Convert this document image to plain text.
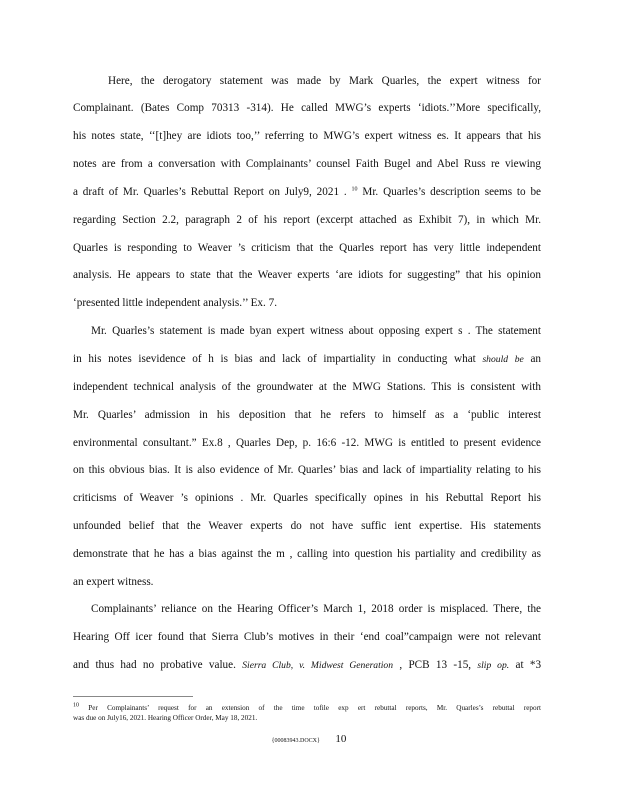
Here, the derogatory statement was made by Mark Quarles, the expert witness for
Complainant. (Bates Comp 70313 -314). He called MWG’s experts ‘idiots.’’More specifically,
his notes state, ‘‘[t]hey are idiots too,’’ referring to MWG’s expert witness es. It appears that his
notes are from a conversation with Complainants’ counsel Faith Bugel and Abel Russ re viewing
a draft of Mr. Quarles’s Rebuttal Report on July9, 2021 . $^{10}$ Mr. Quarles’s description seems to be
regarding Section 2.2, paragraph 2 of his report (excerpt attached as Exhibit 7), in which Mr.
Quarles is responding to Weaver ’s criticism that the Quarles report has very little independent
analysis. He appears to state that the Weaver experts ‘are idiots for suggesting” that his opinion
‘presented little independent analysis.’’ Ex. 7.
Mr. Quarles’s statement is made byan expert witness about opposing expert s . The statement
in his notes isevidence of h is bias and lack of impartiality in conducting what should be an
independent technical analysis of the groundwater at the MWG Stations. This is consistent with
Mr. Quarles’ admission in his deposition that he refers to himself as a ‘public interest
environmental consultant.” Ex.8 , Quarles Dep, p. 16:6 -12. MWG is entitled to present evidence
on this obvious bias. It is also evidence of Mr. Quarles’ bias and lack of impartiality relating to his
criticisms of Weaver ’s opinions . Mr. Quarles specifically opines in his Rebuttal Report his
unfounded belief that the Weaver experts do not have suffic ient expertise. His statements
demonstrate that he has a bias against the m , calling into question his partiality and credibility as
an expert witness.
Complainants’ reliance on the Hearing Officer’s March 1, 2018 order is misplaced. There, the
Hearing Off icer found that Sierra Club’s motives in their ‘end coal”campaign were not relevant
and thus had no probative value. Sierra Club, v. Midwest Generation , PCB 13 -15, slip op. at *3
$^{10}$ Per Complainants’ request for an extension of the time tofile exp ert rebuttal reports, Mr. Quarles’s rebuttal report
was due on July16, 2021. Hearing Officer Order, May 18, 2021.
{00083943.DOCX} 10
